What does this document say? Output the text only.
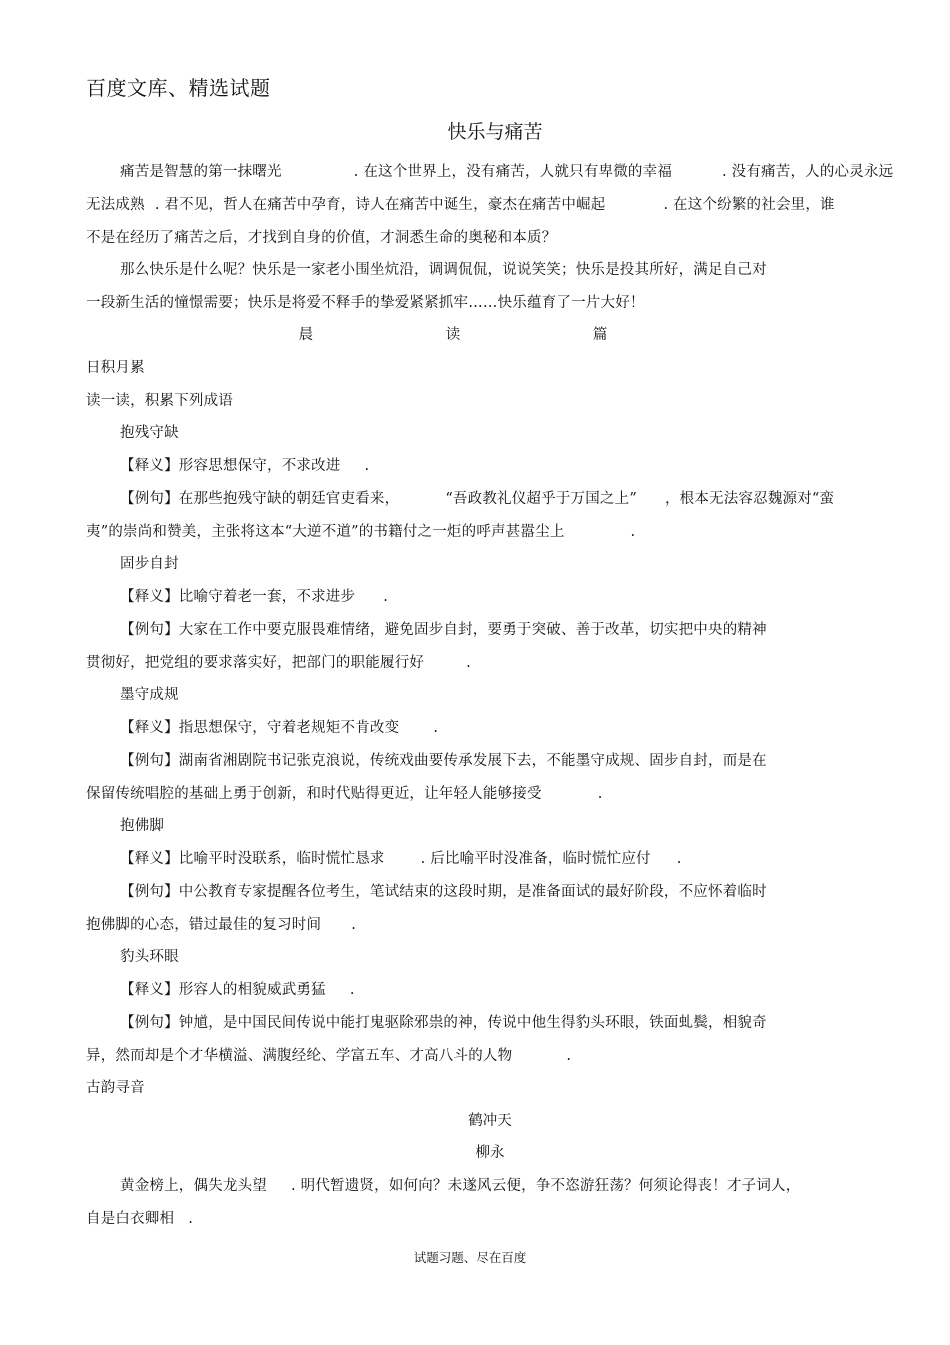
百度文库、精选试题
快乐与痛苦
痛苦是智慧的第一抹曙光	. 在这个世界上，没有痛苦，人就只有卑微的幸福	. 没有痛苦，人的心灵永远
无法成熟 . 君不见，哲人在痛苦中孕育，诗人在痛苦中诞生，豪杰在痛苦中崛起	. 在这个纷繁的社会里，谁
不是在经历了痛苦之后，才找到自身的价值，才洞悉生命的奥秘和本质？
那么快乐是什么呢？快乐是一家老小围坐炕沿，调调侃侃，说说笑笑；快乐是投其所好，满足自己对
一段新生活的憧憬需要；快乐是将爱不释手的挚爱紧紧抓牢……快乐蕴育了一片大好！
晨 读 篇
日积月累
读一读，积累下列成语
抱残守缺
【释义】形容思想保守，不求改进 .
【例句】在那些抱残守缺的朝廷官吏看来，	“吾政教礼仪超乎于万国之上” ，根本无法容忍魏源对“蛮
夷”的崇尚和赞美，主张将这本“大逆不道”的书籍付之一炬的呼声甚嚣尘上	.
固步自封
【释义】比喻守着老一套，不求进步 .
【例句】大家在工作中要克服畏难情绪，避免固步自封，要勇于突破、善于改革，切实把中央的精神
贯彻好，把党组的要求落实好，把部门的职能履行好	.
墨守成规
【释义】指思想保守，守着老规矩不肯改变 .
【例句】湖南省湘剧院书记张克浪说，传统戏曲要传承发展下去，不能墨守成规、固步自封，而是在
保留传统唱腔的基础上勇于创新，和时代贴得更近，让年轻人能够接受	.
抱佛脚
【释义】比喻平时没联系，临时慌忙恳求 . 后比喻平时没准备，临时慌忙应付 .
【例句】中公教育专家提醒各位考生，笔试结束的这段时期，是准备面试的最好阶段，不应怀着临时
抱佛脚的心态，错过最佳的复习时间 .
豹头环眼
【释义】形容人的相貌威武勇猛 .
【例句】钟馗，是中国民间传说中能打鬼驱除邪祟的神，传说中他生得豹头环眼，铁面虬鬓，相貌奇
异，然而却是个才华横溢、满腹经纶、学富五车、才高八斗的人物	.
古韵寻音
鹤冲天
柳永
黄金榜上，偶失龙头望 . 明代暂遗贤，如何向？未遂风云便，争不恣游狂荡？何须论得丧！才子词人，
自是白衣卿相 .
试题习题、尽在百度
